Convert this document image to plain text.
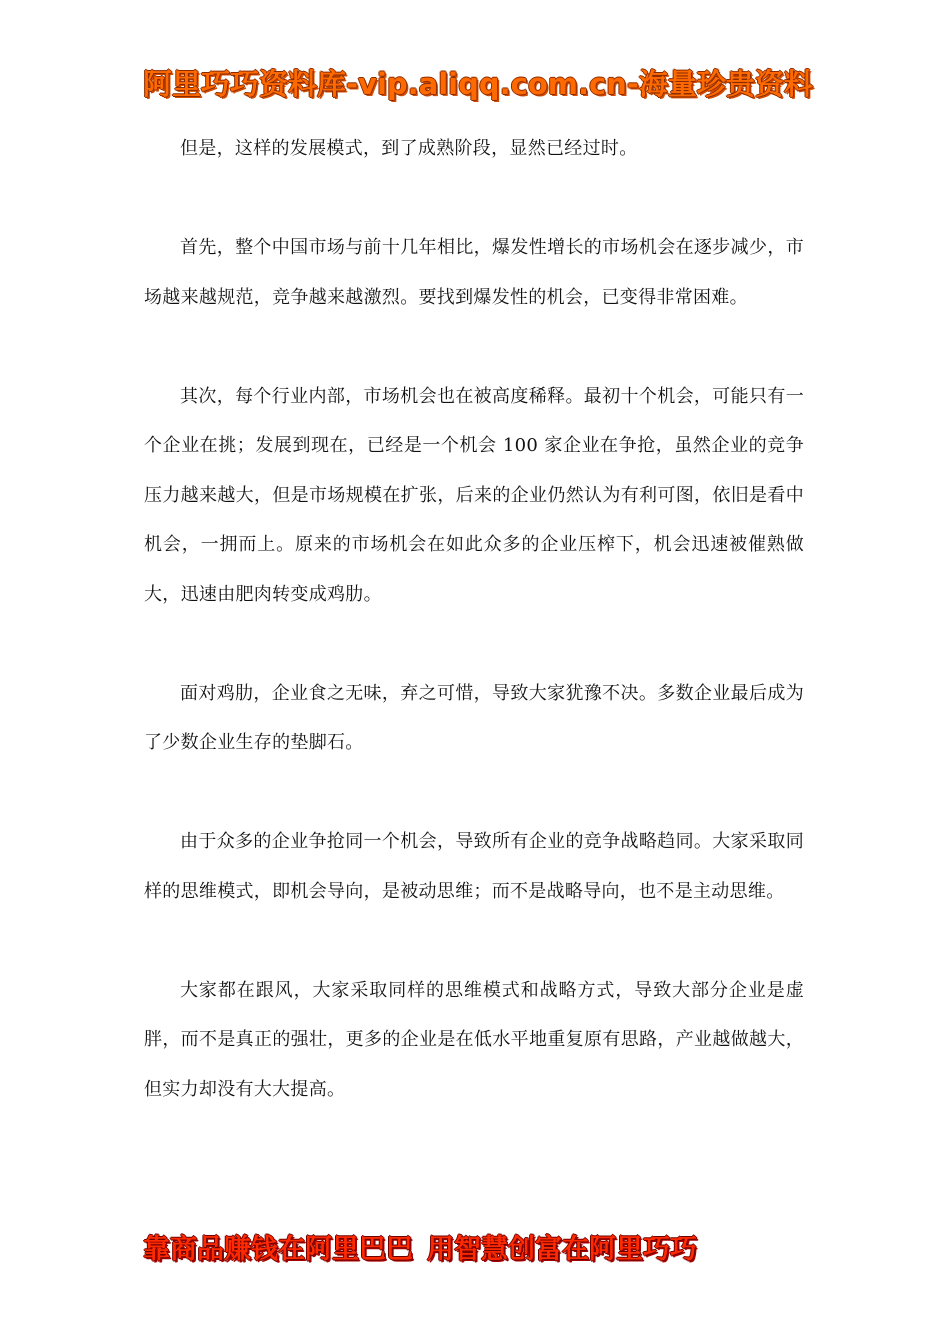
阿里巧巧资料库-vip.aliqq.com.cn-海量珍贵资料

但是，这样的发展模式，到了成熟阶段，显然已经过时。

首先，整个中国市场与前十几年相比，爆发性增长的市场机会在逐步减少，市场越来越规范，竞争越来越激烈。要找到爆发性的机会，已变得非常困难。

其次，每个行业内部，市场机会也在被高度稀释。最初十个机会，可能只有一个企业在挑；发展到现在，已经是一个机会 100 家企业在争抢，虽然企业的竞争压力越来越大，但是市场规模在扩张，后来的企业仍然认为有利可图，依旧是看中机会，一拥而上。原来的市场机会在如此众多的企业压榨下，机会迅速被催熟做大，迅速由肥肉转变成鸡肋。

面对鸡肋，企业食之无味，弃之可惜，导致大家犹豫不决。多数企业最后成为了少数企业生存的垫脚石。

由于众多的企业争抢同一个机会，导致所有企业的竞争战略趋同。大家采取同样的思维模式，即机会导向，是被动思维；而不是战略导向，也不是主动思维。

大家都在跟风，大家采取同样的思维模式和战略方式，导致大部分企业是虚胖，而不是真正的强壮，更多的企业是在低水平地重复原有思路，产业越做越大，但实力却没有大大提高。

靠商品赚钱在阿里巴巴 用智慧创富在阿里巧巧
